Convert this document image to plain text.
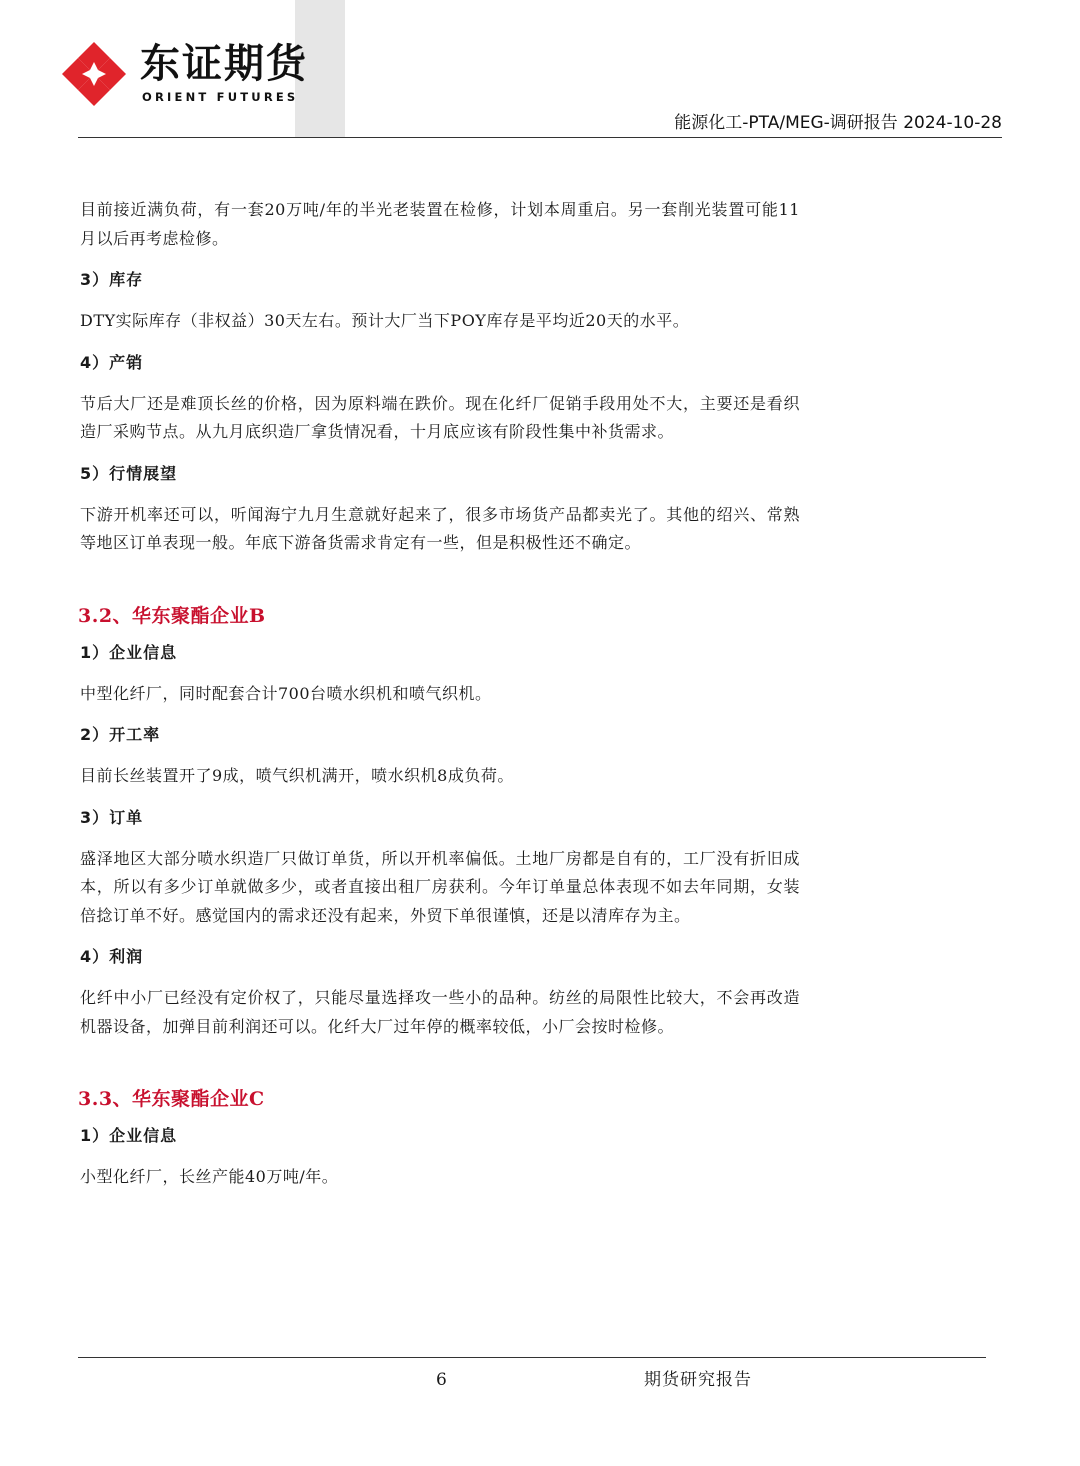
东证期货
ORIENT FUTURES
能源化工-PTA/MEG-调研报告 2024-10-28

目前接近满负荷，有一套20万吨/年的半光老装置在检修，计划本周重启。另一套削光装置可能11月以后再考虑检修。

3）库存

DTY实际库存（非权益）30天左右。预计大厂当下POY库存是平均近20天的水平。

4）产销

节后大厂还是难顶长丝的价格，因为原料端在跌价。现在化纤厂促销手段用处不大，主要还是看织造厂采购节点。从九月底织造厂拿货情况看，十月底应该有阶段性集中补货需求。

5）行情展望

下游开机率还可以，听闻海宁九月生意就好起来了，很多市场货产品都卖光了。其他的绍兴、常熟等地区订单表现一般。年底下游备货需求肯定有一些，但是积极性还不确定。

3.2、华东聚酯企业B
1）企业信息

中型化纤厂，同时配套合计700台喷水织机和喷气织机。

2）开工率

目前长丝装置开了9成，喷气织机满开，喷水织机8成负荷。

3）订单

盛泽地区大部分喷水织造厂只做订单货，所以开机率偏低。土地厂房都是自有的，工厂没有折旧成本，所以有多少订单就做多少，或者直接出租厂房获利。今年订单量总体表现不如去年同期，女装倍捻订单不好。感觉国内的需求还没有起来，外贸下单很谨慎，还是以清库存为主。

4）利润

化纤中小厂已经没有定价权了，只能尽量选择攻一些小的品种。纺丝的局限性比较大，不会再改造机器设备，加弹目前利润还可以。化纤大厂过年停的概率较低，小厂会按时检修。

3.3、华东聚酯企业C
1）企业信息

小型化纤厂，长丝产能40万吨/年。

6	期货研究报告
